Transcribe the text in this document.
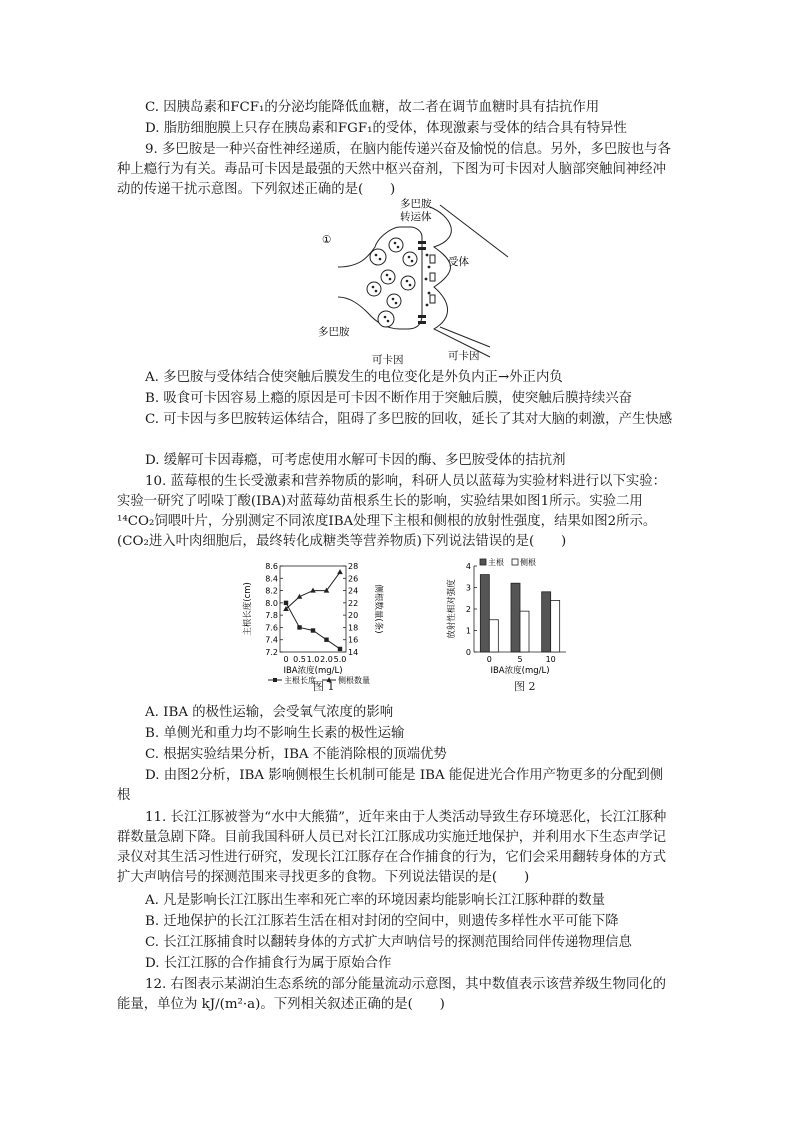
C. 因胰岛素和FCF₁的分泌均能降低血糖，故二者在调节血糖时具有拮抗作用
D. 脂肪细胞膜上只存在胰岛素和FGF₁的受体，体现激素与受体的结合具有特异性
9. 多巴胺是一种兴奋性神经递质，在脑内能传递兴奋及愉悦的信息。另外，多巴胺也与各种上瘾行为有关。毒品可卡因是最强的天然中枢兴奋剂，下图为可卡因对人脑部突触间神经冲动的传递干扰示意图。下列叙述正确的是(　　)
多巴胺
转运体
①
受体
多巴胺
可卡因	可卡因
A. 多巴胺与受体结合使突触后膜发生的电位变化是外负内正→外正内负
B. 吸食可卡因容易上瘾的原因是可卡因不断作用于突触后膜，使突触后膜持续兴奋
C. 可卡因与多巴胺转运体结合，阻碍了多巴胺的回收，延长了其对大脑的刺激，产生快感
D. 缓解可卡因毒瘾，可考虑使用水解可卡因的酶、多巴胺受体的拮抗剂
10. 蓝莓根的生长受激素和营养物质的影响，科研人员以蓝莓为实验材料进行以下实验：实验一研究了吲哚丁酸(IBA)对蓝莓幼苗根系生长的影响，实验结果如图1所示。实验二用¹⁴CO₂饲喂叶片，分别测定不同浓度IBA处理下主根和侧根的放射性强度，结果如图2所示。(CO₂进入叶肉细胞后，最终转化成糖类等营养物质)下列说法错误的是(　　)
7.2
7.4
7.6
7.8
8.0
8.2
8.4
8.6
14
16
18
20
22
24
26
28
0 0.5 1.0 2.0 5.0
IBA浓度(mg/L)
主根长度(cm)	侧根数量(条)
主根长度	侧根数量
图 1
0
1
2
3
4
0	5	10
IBA浓度(mg/L)
放射性相对强度
主根 侧根
图 2
A. IBA 的极性运输，会受氧气浓度的影响
B. 单侧光和重力均不影响生长素的极性运输
C. 根据实验结果分析，IBA 不能消除根的顶端优势
D. 由图2分析，IBA 影响侧根生长机制可能是 IBA 能促进光合作用产物更多的分配到侧根
11. 长江江豚被誉为“水中大熊猫”，近年来由于人类活动导致生存环境恶化，长江江豚种群数量急剧下降。目前我国科研人员已对长江江豚成功实施迁地保护，并利用水下生态声学记录仪对其生活习性进行研究，发现长江江豚存在合作捕食的行为，它们会采用翻转身体的方式扩大声呐信号的探测范围来寻找更多的食物。下列说法错误的是(　　)
A. 凡是影响长江江豚出生率和死亡率的环境因素均能影响长江江豚种群的数量
B. 迁地保护的长江江豚若生活在相对封闭的空间中，则遗传多样性水平可能下降
C. 长江江豚捕食时以翻转身体的方式扩大声呐信号的探测范围给同伴传递物理信息
D. 长江江豚的合作捕食行为属于原始合作
12. 右图表示某湖泊生态系统的部分能量流动示意图，其中数值表示该营养级生物同化的能量，单位为 kJ/(m²·a)。下列相关叙述正确的是(　　)
